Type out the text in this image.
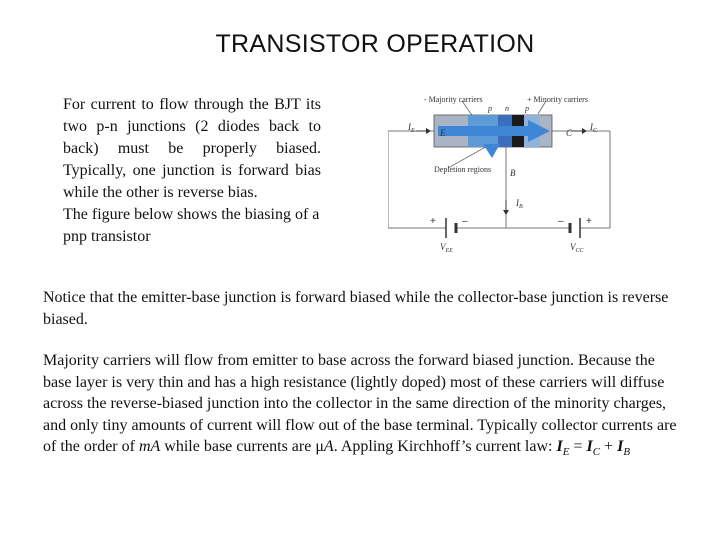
TRANSISTOR OPERATION

For current to flow through the BJT its two p-n junctions (2 diodes back to back) must be properly biased. Typically, one junction is forward bias while the other is reverse bias.

The figure below shows the biasing of a pnp transistor

- Majority carriers	+ Minority carriers
Depletion regions
n
p	p
E	C
B
$I_E$	$I_C$
$I_B$
$V_{EE}$	$V_{CC}$
+	–	– +
Notice that the emitter-base junction is forward biased while the collector-base junction is reverse biased.
Majority carriers will flow from emitter to base across the forward biased junction. Because the base layer is very thin and has a high resistance (lightly doped) most of these carriers will diffuse across the reverse-biased junction into the collector in the same direction of the minority charges, and only tiny amounts of current will flow out of the base terminal. Typically collector currents are of the order of mA while base currents are μA. Appling Kirchhoff’s current law: $I_E = I_C + I_B$
